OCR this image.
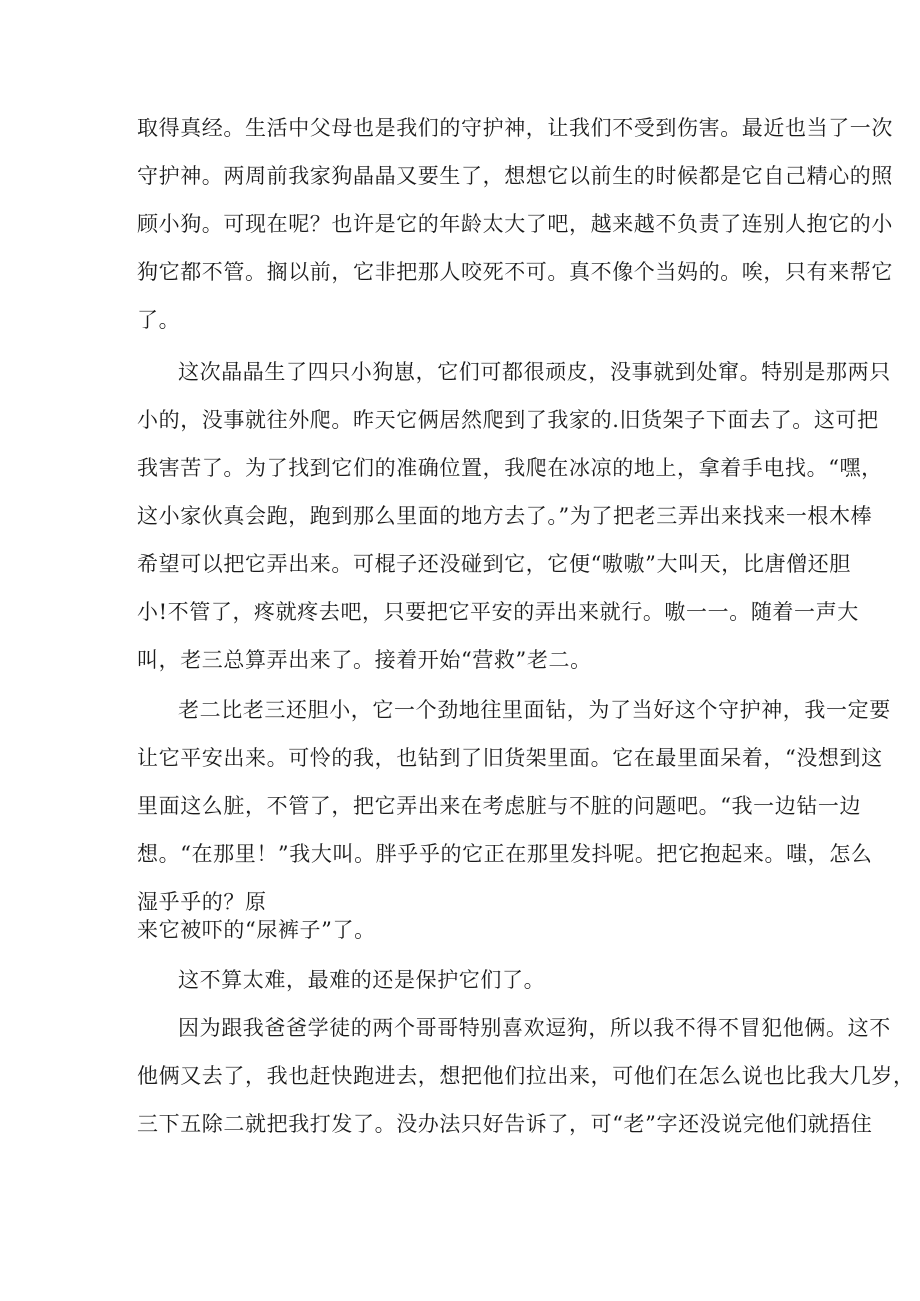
取得真经。生活中父母也是我们的守护神，让我们不受到伤害。最近也当了一次
守护神。两周前我家狗晶晶又要生了，想想它以前生的时候都是它自己精心的照
顾小狗。可现在呢？也许是它的年龄太大了吧，越来越不负责了连别人抱它的小
狗它都不管。搁以前，它非把那人咬死不可。真不像个当妈的。唉，只有来帮它
了。
这次晶晶生了四只小狗崽，它们可都很顽皮，没事就到处窜。特别是那两只
小的，没事就往外爬。昨天它俩居然爬到了我家的.旧货架子下面去了。这可把
我害苦了。为了找到它们的准确位置，我爬在冰凉的地上，拿着手电找。“嘿，
这小家伙真会跑，跑到那么里面的地方去了。”为了把老三弄出来找来一根木棒
希望可以把它弄出来。可棍子还没碰到它，它便“嗷嗷”大叫天，比唐僧还胆
小!不管了，疼就疼去吧，只要把它平安的弄出来就行。嗷一一。随着一声大
叫，老三总算弄出来了。接着开始“营救”老二。
老二比老三还胆小，它一个劲地往里面钻，为了当好这个守护神，我一定要
让它平安出来。可怜的我，也钻到了旧货架里面。它在最里面呆着，“没想到这
里面这么脏，不管了，把它弄出来在考虑脏与不脏的问题吧。“我一边钻一边
想。“在那里！”我大叫。胖乎乎的它正在那里发抖呢。把它抱起来。嗤，怎么
湿乎乎的？原
来它被吓的“尿裤子”了。
这不算太难，最难的还是保护它们了。
因为跟我爸爸学徒的两个哥哥特别喜欢逗狗，所以我不得不冒犯他俩。这不
他俩又去了，我也赶快跑进去，想把他们拉出来，可他们在怎么说也比我大几岁，
三下五除二就把我打发了。没办法只好告诉了，可“老”字还没说完他们就捂住
